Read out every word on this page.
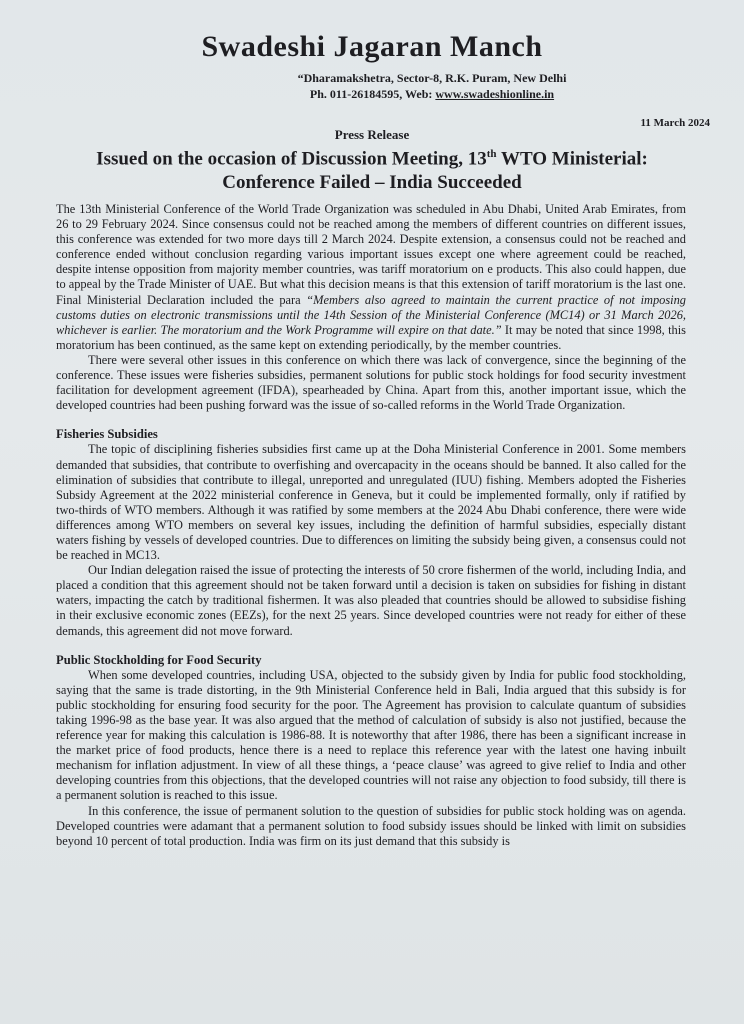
Swadeshi Jagaran Manch
“Dharamakshetra, Sector-8, R.K. Puram, New Delhi
Ph. 011-26184595, Web: www.swadeshionline.in
11 March 2024
Press Release
Issued on the occasion of Discussion Meeting, 13th WTO Ministerial:
Conference Failed – India Succeeded

The 13th Ministerial Conference of the World Trade Organization was scheduled in Abu Dhabi, United Arab Emirates, from 26 to 29 February 2024. Since consensus could not be reached among the members of different countries on different issues, this conference was extended for two more days till 2 March 2024. Despite extension, a consensus could not be reached and conference ended without conclusion regarding various important issues except one where agreement could be reached, despite intense opposition from majority member countries, was tariff moratorium on e products. This also could happen, due to appeal by the Trade Minister of UAE. But what this decision means is that this extension of tariff moratorium is the last one. Final Ministerial Declaration included the para “Members also agreed to maintain the current practice of not imposing customs duties on electronic transmissions until the 14th Session of the Ministerial Conference (MC14) or 31 March 2026, whichever is earlier. The moratorium and the Work Programme will expire on that date.” It may be noted that since 1998, this moratorium has been continued, as the same kept on extending periodically, by the member countries.

There were several other issues in this conference on which there was lack of convergence, since the beginning of the conference. These issues were fisheries subsidies, permanent solutions for public stock holdings for food security investment facilitation for development agreement (IFDA), spearheaded by China. Apart from this, another important issue, which the developed countries had been pushing forward was the issue of so-called reforms in the World Trade Organization.

Fisheries Subsidies

The topic of disciplining fisheries subsidies first came up at the Doha Ministerial Conference in 2001. Some members demanded that subsidies, that contribute to overfishing and overcapacity in the oceans should be banned. It also called for the elimination of subsidies that contribute to illegal, unreported and unregulated (IUU) fishing. Members adopted the Fisheries Subsidy Agreement at the 2022 ministerial conference in Geneva, but it could be implemented formally, only if ratified by two-thirds of WTO members. Although it was ratified by some members at the 2024 Abu Dhabi conference, there were wide differences among WTO members on several key issues, including the definition of harmful subsidies, especially distant waters fishing by vessels of developed countries. Due to differences on limiting the subsidy being given, a consensus could not be reached in MC13.

Our Indian delegation raised the issue of protecting the interests of 50 crore fishermen of the world, including India, and placed a condition that this agreement should not be taken forward until a decision is taken on subsidies for fishing in distant waters, impacting the catch by traditional fishermen. It was also pleaded that countries should be allowed to subsidise fishing in their exclusive economic zones (EEZs), for the next 25 years. Since developed countries were not ready for either of these demands, this agreement did not move forward.

Public Stockholding for Food Security

When some developed countries, including USA, objected to the subsidy given by India for public food stockholding, saying that the same is trade distorting, in the 9th Ministerial Conference held in Bali, India argued that this subsidy is for public stockholding for ensuring food security for the poor. The Agreement has provision to calculate quantum of subsidies taking 1996-98 as the base year. It was also argued that the method of calculation of subsidy is also not justified, because the reference year for making this calculation is 1986-88. It is noteworthy that after 1986, there has been a significant increase in the market price of food products, hence there is a need to replace this reference year with the latest one having inbuilt mechanism for inflation adjustment. In view of all these things, a ‘peace clause’ was agreed to give relief to India and other developing countries from this objections, that the developed countries will not raise any objection to food subsidy, till there is a permanent solution is reached to this issue.

In this conference, the issue of permanent solution to the question of subsidies for public stock holding was on agenda. Developed countries were adamant that a permanent solution to food subsidy issues should be linked with limit on subsidies beyond 10 percent of total production. India was firm on its just demand that this subsidy is
